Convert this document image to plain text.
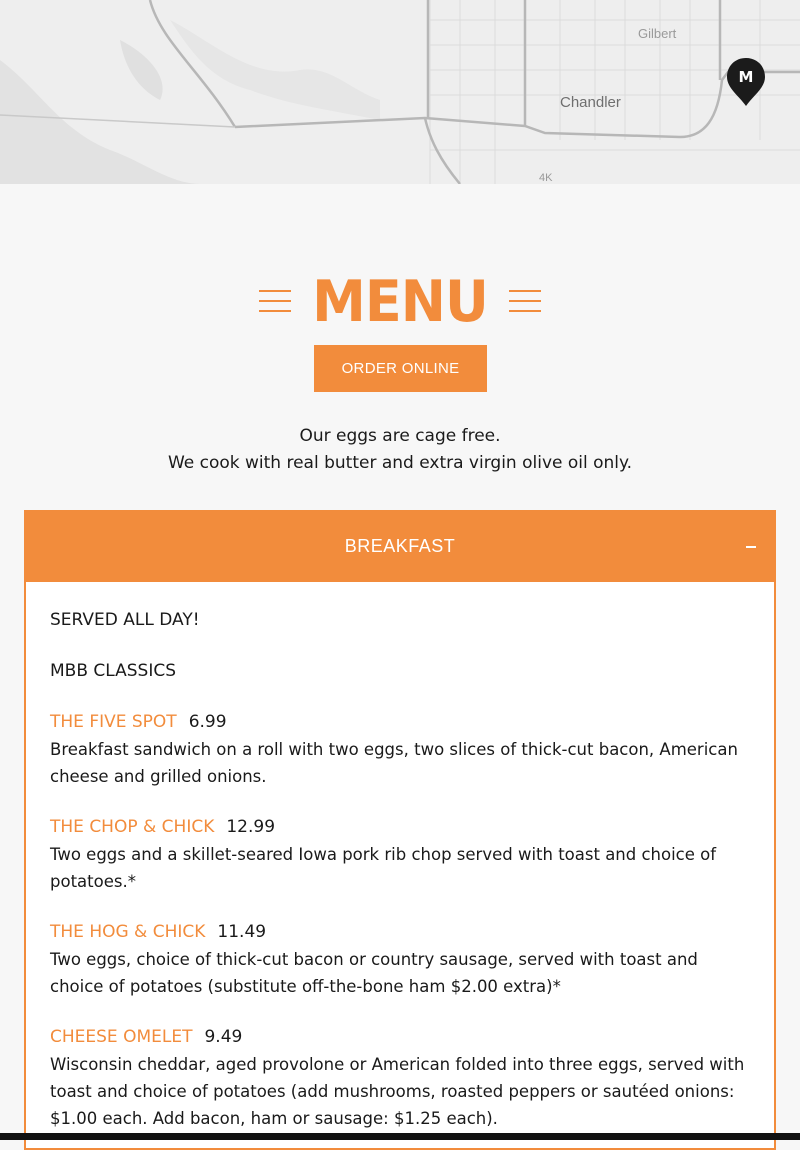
Gilbert
Chandler
4K
M
MENU
ORDER ONLINE
Our eggs are cage free.
We cook with real butter and extra virgin olive oil only.
BREAKFAST
SERVED ALL DAY!
MBB CLASSICS
THE FIVE SPOT 6.99
Breakfast sandwich on a roll with two eggs, two slices of thick-cut bacon, American cheese and grilled onions.
THE CHOP & CHICK 12.99
Two eggs and a skillet-seared Iowa pork rib chop served with toast and choice of potatoes.*
THE HOG & CHICK 11.49
Two eggs, choice of thick-cut bacon or country sausage, served with toast and choice of potatoes (substitute off-the-bone ham $2.00 extra)*
CHEESE OMELET 9.49
Wisconsin cheddar, aged provolone or American folded into three eggs, served with toast and choice of potatoes (add mushrooms, roasted peppers or sautéed onions: $1.00 each. Add bacon, ham or sausage: $1.25 each).
